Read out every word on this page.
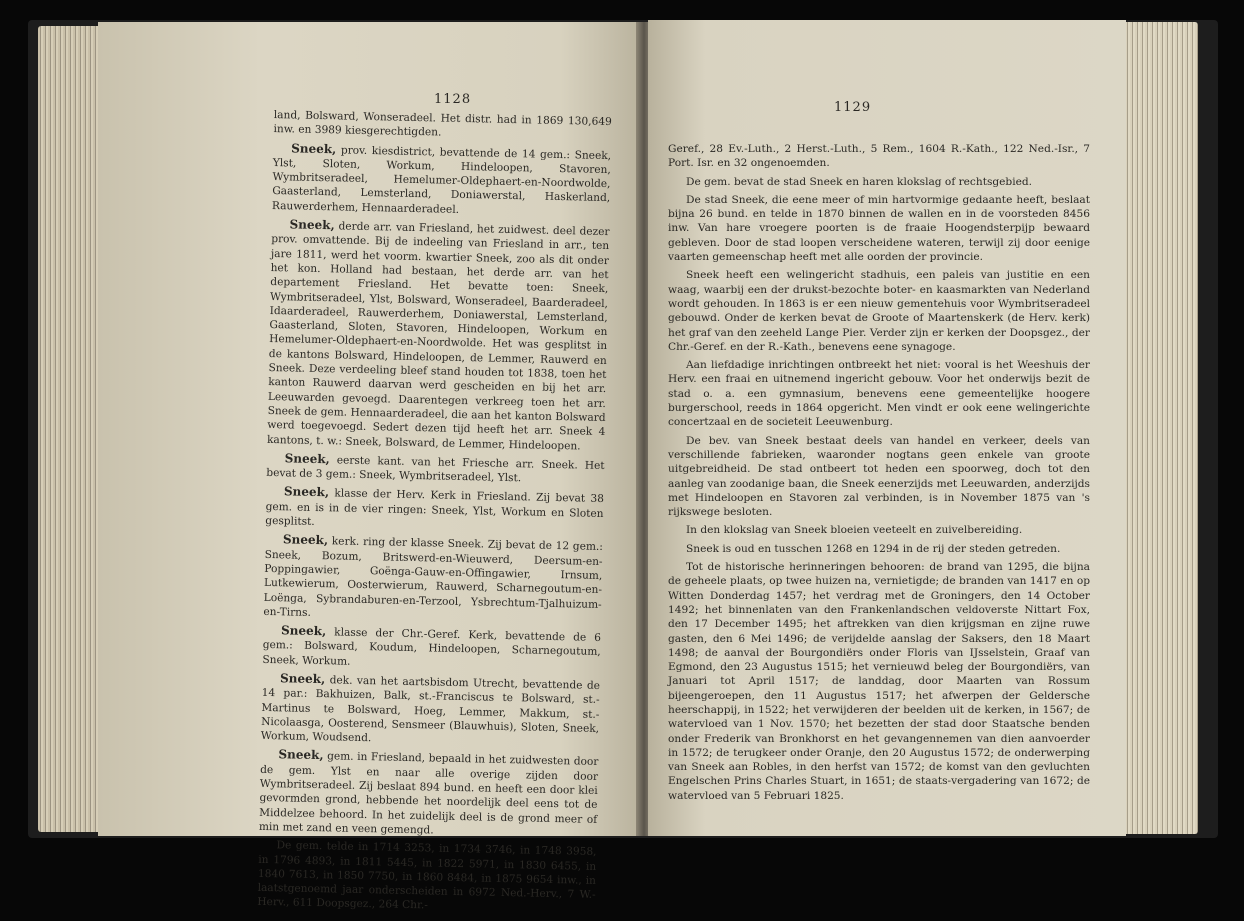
1128

land, Bolsward, Wonseradeel. Het distr. had in 1869 130,649 inw. en 3989 kiesgerechtigden.

Sneek, prov. kiesdistrict, bevattende de 14 gem.: Sneek, Ylst, Sloten, Workum, Hindeloopen, Stavoren, Wymbritseradeel, Hemelumer-Oldephaert-en-Noordwolde, Gaasterland, Lemsterland, Doniawerstal, Haskerland, Rauwerderhem, Hennaarderadeel.

Sneek, derde arr. van Friesland, het zuidwest. deel dezer prov. omvattende. Bij de indeeling van Friesland in arr., ten jare 1811, werd het voorm. kwartier Sneek, zoo als dit onder het kon. Holland had bestaan, het derde arr. van het departement Friesland. Het bevatte toen: Sneek, Wymbritseradeel, Ylst, Bolsward, Wonseradeel, Baarderadeel, Idaarderadeel, Rauwerderhem, Doniawerstal, Lemsterland, Gaasterland, Sloten, Stavoren, Hindeloopen, Workum en Hemelumer-Oldephaert-en-Noordwolde. Het was gesplitst in de kantons Bolsward, Hindeloopen, de Lemmer, Rauwerd en Sneek. Deze verdeeling bleef stand houden tot 1838, toen het kanton Rauwerd daarvan werd gescheiden en bij het arr. Leeuwarden gevoegd. Daarentegen verkreeg toen het arr. Sneek de gem. Hennaarderadeel, die aan het kanton Bolsward werd toegevoegd. Sedert dezen tijd heeft het arr. Sneek 4 kantons, t. w.: Sneek, Bolsward, de Lemmer, Hindeloopen.

Sneek, eerste kant. van het Friesche arr. Sneek. Het bevat de 3 gem.: Sneek, Wymbritseradeel, Ylst.

Sneek, klasse der Herv. Kerk in Friesland. Zij bevat 38 gem. en is in de vier ringen: Sneek, Ylst, Workum en Sloten gesplitst.

Sneek, kerk. ring der klasse Sneek. Zij bevat de 12 gem.: Sneek, Bozum, Britswerd-en-Wieuwerd, Deersum-en-Poppingawier, Goënga-Gauw-en-Offingawier, Irnsum, Lutkewierum, Oosterwierum, Rauwerd, Scharnegoutum-en-Loënga, Sybrandaburen-en-Terzool, Ysbrechtum-Tjalhuizum-en-Tirns.

Sneek, klasse der Chr.-Geref. Kerk, bevattende de 6 gem.: Bolsward, Koudum, Hindeloopen, Scharnegoutum, Sneek, Workum.

Sneek, dek. van het aartsbisdom Utrecht, bevattende de 14 par.: Bakhuizen, Balk, st.-Franciscus te Bolsward, st.-Martinus te Bolsward, Hoeg, Lemmer, Makkum, st.-Nicolaasga, Oosterend, Sensmeer (Blauwhuis), Sloten, Sneek, Workum, Woudsend.

Sneek, gem. in Friesland, bepaald in het zuidwesten door de gem. Ylst en naar alle overige zijden door Wymbritseradeel. Zij beslaat 894 bund. en heeft een door klei gevormden grond, hebbende het noordelijk deel eens tot de Middelzee behoord. In het zuidelijk deel is de grond meer of min met zand en veen gemengd.

De gem. telde in 1714 3253, in 1734 3746, in 1748 3958, in 1796 4893, in 1811 5445, in 1822 5971, in 1830 6455, in 1840 7613, in 1850 7750, in 1860 8484, in 1875 9654 inw., in laatstgenoemd jaar onderscheiden in 6972 Ned.-Herv., 7 W.-Herv., 611 Doopsgez., 264 Chr.-

1129

Geref., 28 Ev.-Luth., 2 Herst.-Luth., 5 Rem., 1604 R.-Kath., 122 Ned.-Isr., 7 Port. Isr. en 32 ongenoemden.

De gem. bevat de stad Sneek en haren klokslag of rechtsgebied.

De stad Sneek, die eene meer of min hartvormige gedaante heeft, beslaat bijna 26 bund. en telde in 1870 binnen de wallen en in de voorsteden 8456 inw. Van hare vroegere poorten is de fraaie Hoogendsterpijp bewaard gebleven. Door de stad loopen verscheidene wateren, terwijl zij door eenige vaarten gemeenschap heeft met alle oorden der provincie.

Sneek heeft een welingericht stadhuis, een paleis van justitie en een waag, waarbij een der drukst-bezochte boter- en kaasmarkten van Nederland wordt gehouden. In 1863 is er een nieuw gementehuis voor Wymbritseradeel gebouwd. Onder de kerken bevat de Groote of Maartenskerk (de Herv. kerk) het graf van den zeeheld Lange Pier. Verder zijn er kerken der Doopsgez., der Chr.-Geref. en der R.-Kath., benevens eene synagoge.

Aan liefdadige inrichtingen ontbreekt het niet: vooral is het Weeshuis der Herv. een fraai en uitnemend ingericht gebouw. Voor het onderwijs bezit de stad o. a. een gymnasium, benevens eene gemeentelijke hoogere burgerschool, reeds in 1864 opgericht. Men vindt er ook eene welingerichte concertzaal en de societeit Leeuwenburg.

De bev. van Sneek bestaat deels van handel en verkeer, deels van verschillende fabrieken, waaronder nogtans geen enkele van groote uitgebreidheid. De stad ontbeert tot heden een spoorweg, doch tot den aanleg van zoodanige baan, die Sneek eenerzijds met Leeuwarden, anderzijds met Hindeloopen en Stavoren zal verbinden, is in November 1875 van 's rijkswege besloten.

In den klokslag van Sneek bloeien veeteelt en zuivelbereiding.

Sneek is oud en tusschen 1268 en 1294 in de rij der steden getreden.

Tot de historische herinneringen behooren: de brand van 1295, die bijna de geheele plaats, op twee huizen na, vernietigde; de branden van 1417 en op Witten Donderdag 1457; het verdrag met de Groningers, den 14 October 1492; het binnenlaten van den Frankenlandschen veldoverste Nittart Fox, den 17 December 1495; het aftrekken van dien krijgsman en zijne ruwe gasten, den 6 Mei 1496; de verijdelde aanslag der Saksers, den 18 Maart 1498; de aanval der Bourgondiërs onder Floris van IJsselstein, Graaf van Egmond, den 23 Augustus 1515; het vernieuwd beleg der Bourgondiërs, van Januari tot April 1517; de landdag, door Maarten van Rossum bijeengeroepen, den 11 Augustus 1517; het afwerpen der Geldersche heerschappij, in 1522; het verwijderen der beelden uit de kerken, in 1567; de watervloed van 1 Nov. 1570; het bezetten der stad door Staatsche benden onder Frederik van Bronkhorst en het gevangennemen van dien aanvoerder in 1572; de terugkeer onder Oranje, den 20 Augustus 1572; de onderwerping van Sneek aan Robles, in den herfst van 1572; de komst van den gevluchten Engelschen Prins Charles Stuart, in 1651; de staats-vergadering van 1672; de watervloed van 5 Februari 1825.
